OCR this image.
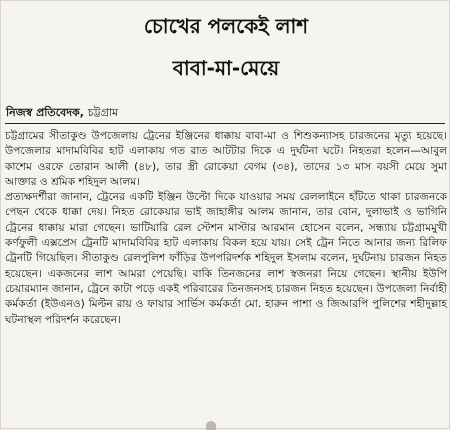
চোখের পলকেই লাশ
বাবা-মা-মেয়ে
নিজস্ব প্রতিবেদক, চট্টগ্রাম

চট্টগ্রামের সীতাকুণ্ড উপজেলায় ট্রেনের ইঞ্জিনের ধাক্কায় বাবা-মা ও শিশুকন্যাসহ চারজনের মৃত্যু হয়েছে। উপজেলার মাদামবিবির হাট এলাকায় গত রাত আটটার দিকে এ দুর্ঘটনা ঘটে। নিহতরা হলেন—আবুল কাশেম ওরফে তোরান আলী (৪৮), তার স্ত্রী রোকেয়া বেগম (৩৪), তাদের ১৩ মাস বয়সী মেয়ে সুমা আক্তার ও শ্রমিক শহিদুল আলম।

প্রত্যক্ষদর্শীরা জানান, ট্রেনের একটি ইঞ্জিন উল্টো দিকে যাওয়ার সময় রেললাইনে হাঁটতে থাকা চারজনকে পেছন থেকে ধাক্কা দেয়। নিহত রোকেয়ার ভাই জাহাঙ্গীর আলম জানান, তার বোন, দুলাভাই ও ভাগিনি ট্রেনের ধাক্কায় মারা গেছেন। ভাটিয়ারি রেল স্টেশন মাস্টার আরমান হোসেন বলেন, সন্ধ্যায় চট্টগ্রামমুখী কর্ণফুলী এক্সপ্রেস ট্রেনটি মাদামবিবির হাট এলাকায় বিকল হয়ে যায়। সেই ট্রেন নিতে আনার জন্য রিলিফ ট্রেনটি গিয়েছিল। সীতাকুণ্ড রেলপুলিশ ফাঁড়ির উপপরিদর্শক শহিদুল ইসলাম বলেন, দুর্ঘটনায় চারজন নিহত হয়েছেন। একজনের লাশ আমরা পেয়েছি। বাকি তিনজনের লাশ স্বজনরা নিয়ে গেছেন। স্থানীয় ইউপি চেয়ারম্যান জানান, ট্রেনে কাটা পড়ে একই পরিবারের তিনজনসহ চারজন নিহত হয়েছেন। উপজেলা নির্বাহী কর্মকর্তা (ইউএনও) মিল্টন রায় ও ফায়ার সার্ভিস কর্মকর্তা মো. হারুন পাশা ও জিআরপি পুলিশের শহীদুল্লাহ ঘটনাস্থল পরিদর্শন করেছেন।
